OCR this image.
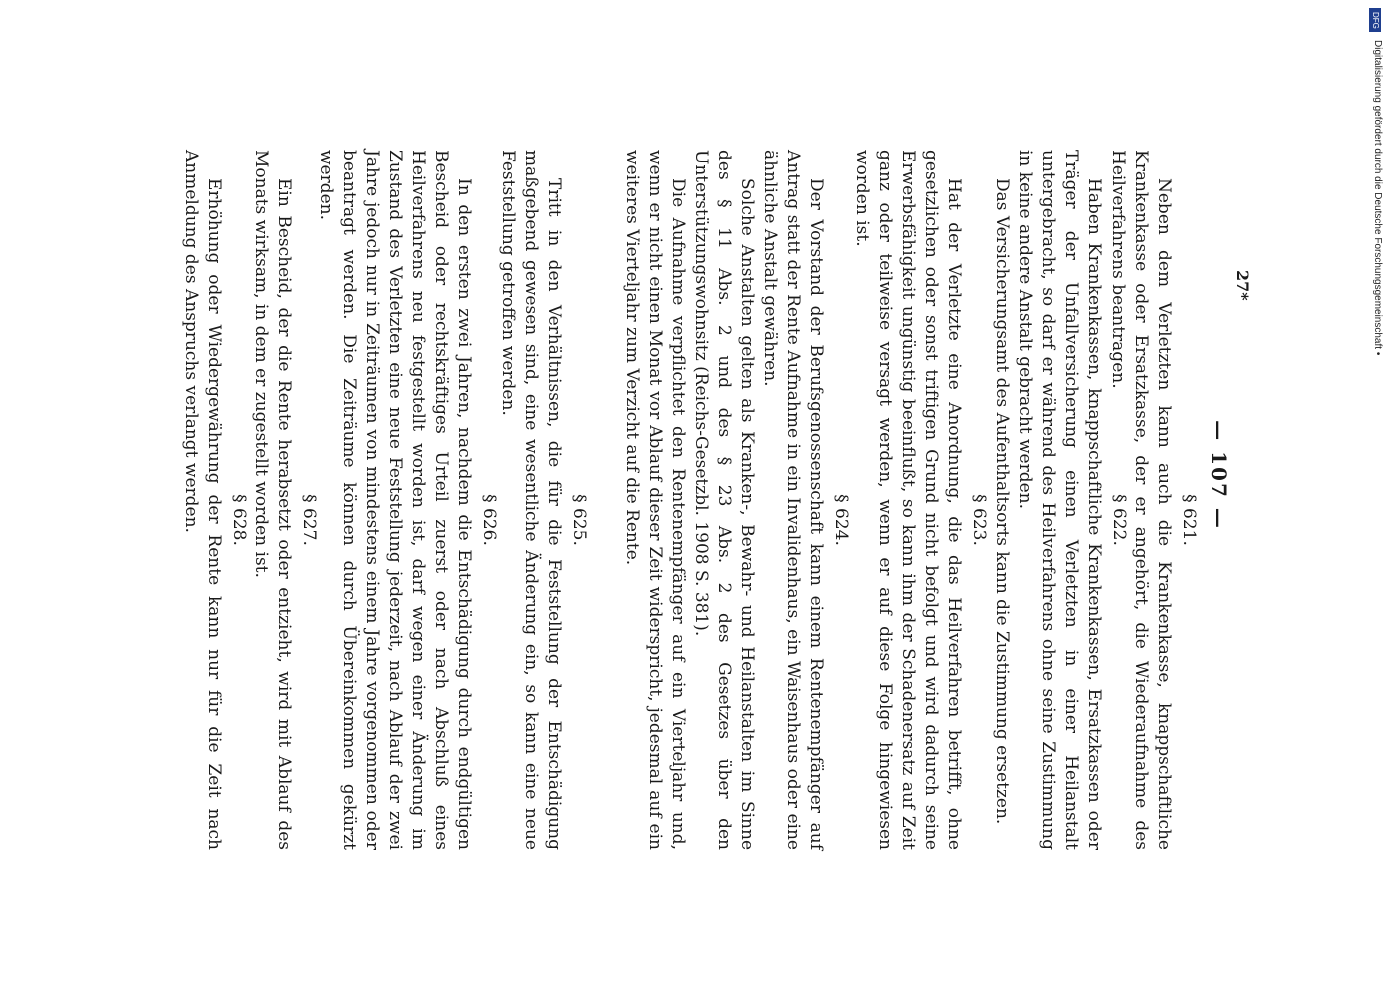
— 107 —
§ 621.

Neben dem Verletzten kann auch die Krankenkasse, knappschaftliche Krankenkasse oder Ersatzkasse, der er angehört, die Wiederaufnahme des Heilverfahrens beantragen.

§ 622.

Haben Krankenkassen, knappschaftliche Krankenkassen, Ersatzkassen oder Träger der Unfallversicherung einen Verletzten in einer Heilanstalt untergebracht, so darf er während des Heilverfahrens ohne seine Zustimmung in keine andere Anstalt gebracht werden.

Das Versicherungsamt des Aufenthaltsorts kann die Zustimmung ersetzen.

§ 623.

Hat der Verletzte eine Anordnung, die das Heilverfahren betrifft, ohne gesetzlichen oder sonst triftigen Grund nicht befolgt und wird dadurch seine Erwerbsfähigkeit ungünstig beeinflußt, so kann ihm der Schadenersatz auf Zeit ganz oder teilweise versagt werden, wenn er auf diese Folge hingewiesen worden ist.

§ 624.

Der Vorstand der Berufsgenossenschaft kann einem Rentenempfänger auf Antrag statt der Rente Aufnahme in ein Invalidenhaus, ein Waisenhaus oder eine ähnliche Anstalt gewähren.

Solche Anstalten gelten als Kranken-, Bewahr- und Heilanstalten im Sinne des § 11 Abs. 2 und des § 23 Abs. 2 des Gesetzes über den Unterstützungswohnsitz (Reichs-Gesetzbl. 1908 S. 381).

Die Aufnahme verpflichtet den Rentenempfänger auf ein Vierteljahr und, wenn er nicht einen Monat vor Ablauf dieser Zeit widerspricht, jedesmal auf ein weiteres Vierteljahr zum Verzicht auf die Rente.

§ 625.

Tritt in den Verhältnissen, die für die Feststellung der Entschädigung maßgebend gewesen sind, eine wesentliche Änderung ein, so kann eine neue Feststellung getroffen werden.

§ 626.

In den ersten zwei Jahren, nachdem die Entschädigung durch endgültigen Bescheid oder rechtskräftiges Urteil zuerst oder nach Abschluß eines Heilverfahrens neu festgestellt worden ist, darf wegen einer Änderung im Zustand des Verletzten eine neue Feststellung jederzeit, nach Ablauf der zwei Jahre jedoch nur in Zeiträumen von mindestens einem Jahre vorgenommen oder beantragt werden. Die Zeiträume können durch Übereinkommen gekürzt werden.

§ 627.

Ein Bescheid, der die Rente herabsetzt oder entzieht, wird mit Ablauf des Monats wirksam, in dem er zugestellt worden ist.

§ 628.

Erhöhung oder Wiedergewährung der Rente kann nur für die Zeit nach Anmeldung des Anspruchs verlangt werden.	27*
DFG
Digitalisierung gefördert durch die Deutsche Forschungsgemeinschaft •
